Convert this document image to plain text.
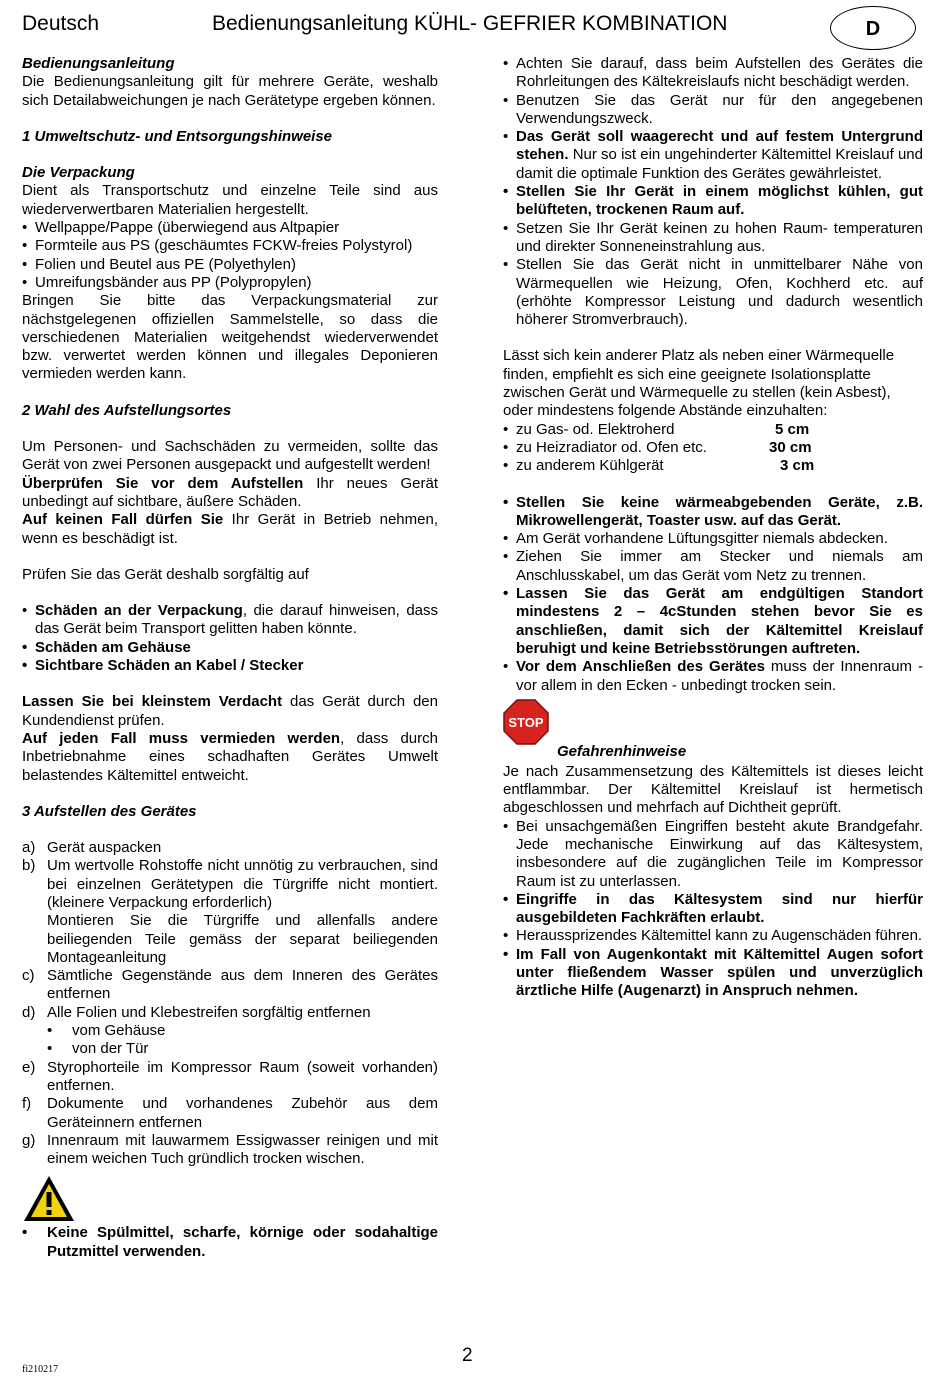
Deutsch	Bedienungsanleitung KÜHL- GEFRIER KOMBINATION	D

Bedienungsanleitung

Die Bedienungsanleitung gilt für mehrere Geräte, weshalb sich Detailabweichungen je nach Gerätetype ergeben können.

1 Umweltschutz- und Entsorgungshinweise

Die Verpackung

Dient als Transportschutz und einzelne Teile sind aus wiederverwertbaren Materialien hergestellt.

• Wellpappe/Pappe (überwiegend aus Altpapier
• Formteile aus PS (geschäumtes FCKW-freies Polystyrol)
• Folien und Beutel aus PE (Polyethylen)
• Umreifungsbänder aus PP (Polypropylen)

Bringen Sie bitte das Verpackungsmaterial zur nächstgelegenen offiziellen Sammelstelle, so dass die verschiedenen Materialien weitgehendst wiederverwendet bzw. verwertet werden können und illegales Deponieren vermieden werden kann.

2 Wahl des Aufstellungsortes

Um Personen- und Sachschäden zu vermeiden, sollte das Gerät von zwei Personen ausgepackt und aufgestellt werden!

Überprüfen Sie vor dem Aufstellen Ihr neues Gerät unbedingt auf sichtbare, äußere Schäden.

Auf keinen Fall dürfen Sie Ihr Gerät in Betrieb nehmen, wenn es beschädigt ist.

Prüfen Sie das Gerät deshalb sorgfältig auf

• Schäden an der Verpackung, die darauf hinweisen, dass das Gerät beim Transport gelitten haben könnte.
• Schäden am Gehäuse
• Sichtbare Schäden an Kabel / Stecker

Lassen Sie bei kleinstem Verdacht das Gerät durch den Kundendienst prüfen.

Auf jeden Fall muss vermieden werden, dass durch Inbetriebnahme eines schadhaften Gerätes Umwelt belastendes Kältemittel entweicht.

3 Aufstellen des Gerätes

a) Gerät auspacken
b) Um wertvolle Rohstoffe nicht unnötig zu verbrauchen, sind bei einzelnen Gerätetypen die Türgriffe nicht montiert. (kleinere Verpackung erforderlich)
Montieren Sie die Türgriffe und allenfalls andere beiliegenden Teile gemäss der separat beiliegenden Montageanleitung
c) Sämtliche Gegenstände aus dem Inneren des Gerätes entfernen
d) Alle Folien und Klebestreifen sorgfältig entfernen
• vom Gehäuse
• von der Tür
e) Styrophorteile im Kompressor Raum (soweit vorhanden) entfernen.
f) Dokumente und vorhandenes Zubehör aus dem Geräteinnern entfernen
g) Innenraum mit lauwarmem Essigwasser reinigen und mit einem weichen Tuch gründlich trocken wischen.
• Keine Spülmittel, scharfe, körnige oder sodahaltige Putzmittel verwenden.
• Achten Sie darauf, dass beim Aufstellen des Gerätes die Rohrleitungen des Kältekreislaufs nicht beschädigt werden.
• Benutzen Sie das Gerät nur für den angegebenen Verwendungszweck.
• Das Gerät soll waagerecht und auf festem Untergrund stehen. Nur so ist ein ungehinderter Kältemittel Kreislauf und damit die optimale Funktion des Gerätes gewährleistet.
• Stellen Sie Ihr Gerät in einem möglichst kühlen, gut belüfteten, trockenen Raum auf.
• Setzen Sie Ihr Gerät keinen zu hohen Raum- temperaturen und direkter Sonneneinstrahlung aus.
• Stellen Sie das Gerät nicht in unmittelbarer Nähe von Wärmequellen wie Heizung, Ofen, Kochherd etc. auf (erhöhte Kompressor Leistung und dadurch wesentlich höherer Stromverbrauch).

Lässt sich kein anderer Platz als neben einer Wärmequelle finden, empfiehlt es sich eine geeignete Isolationsplatte zwischen Gerät und Wärmequelle zu stellen (kein Asbest), oder mindestens folgende Abstände einzuhalten:

• zu Gas- od. Elektroherd	5 cm
• zu Heizradiator od. Ofen etc.	30 cm
• zu anderem Kühlgerät	3 cm
• Stellen Sie keine wärmeabgebenden Geräte, z.B. Mikrowellengerät, Toaster usw. auf das Gerät.
• Am Gerät vorhandene Lüftungsgitter niemals abdecken.
• Ziehen Sie immer am Stecker und niemals am Anschlusskabel, um das Gerät vom Netz zu trennen.
• Lassen Sie das Gerät am endgültigen Standort mindestens 2 – 4cStunden stehen bevor Sie es anschließen, damit sich der Kältemittel Kreislauf beruhigt und keine Betriebsstörungen auftreten.
• Vor dem Anschließen des Gerätes muss der Innenraum - vor allem in den Ecken - unbedingt trocken sein.
STOP
Gefahrenhinweise

Je nach Zusammensetzung des Kältemittels ist dieses leicht entflammbar. Der Kältemittel Kreislauf ist hermetisch abgeschlossen und mehrfach auf Dichtheit geprüft.

• Bei unsachgemäßen Eingriffen besteht akute Brandgefahr. Jede mechanische Einwirkung auf das Kältesystem, insbesondere auf die zugänglichen Teile im Kompressor Raum ist zu unterlassen.
• Eingriffe in das Kältesystem sind nur hierfür ausgebildeten Fachkräften erlaubt.
• Heraussprizendes Kältemittel kann zu Augenschäden führen.
• Im Fall von Augenkontakt mit Kältemittel Augen sofort unter fließendem Wasser spülen und unverzüglich ärztliche Hilfe (Augenarzt) in Anspruch nehmen.
2
fi210217
